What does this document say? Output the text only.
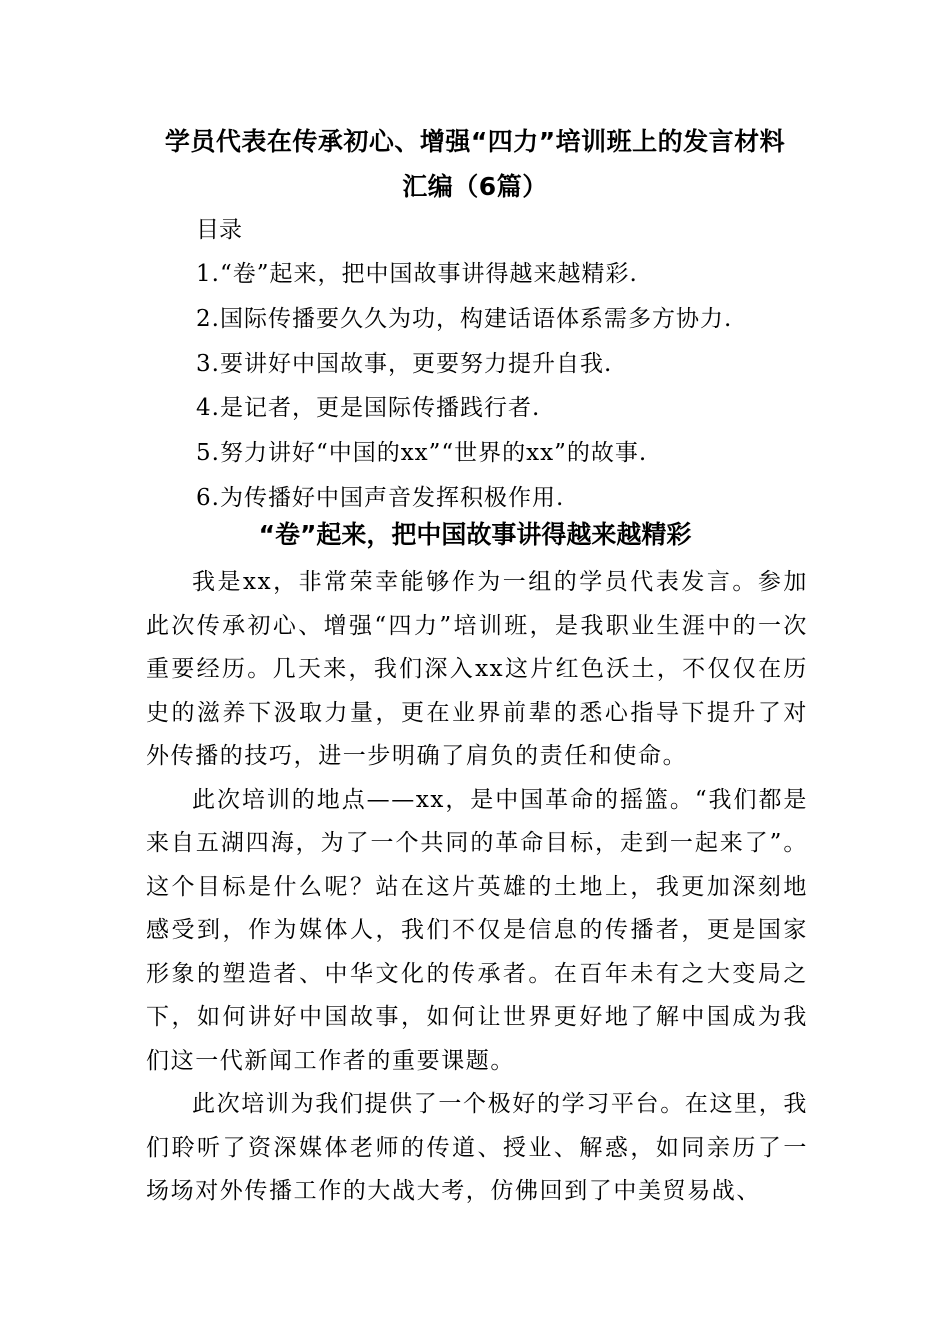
学员代表在传承初心、增强“四力”培训班上的发言材料
汇编（6篇）
目录
1.“卷”起来，把中国故事讲得越来越精彩.
2.国际传播要久久为功，构建话语体系需多方协力.
3.要讲好中国故事，更要努力提升自我.
4.是记者，更是国际传播践行者.
5.努力讲好“中国的xx”“世界的xx”的故事.
6.为传播好中国声音发挥积极作用.
“卷”起来，把中国故事讲得越来越精彩

我是xx，非常荣幸能够作为一组的学员代表发言。参加此次传承初心、增强“四力”培训班，是我职业生涯中的一次重要经历。几天来，我们深入xx这片红色沃土，不仅仅在历史的滋养下汲取力量，更在业界前辈的悉心指导下提升了对外传播的技巧，进一步明确了肩负的责任和使命。

此次培训的地点——xx，是中国革命的摇篮。“我们都是来自五湖四海，为了一个共同的革命目标，走到一起来了”。这个目标是什么呢？站在这片英雄的土地上，我更加深刻地感受到，作为媒体人，我们不仅是信息的传播者，更是国家形象的塑造者、中华文化的传承者。在百年未有之大变局之下，如何讲好中国故事，如何让世界更好地了解中国成为我们这一代新闻工作者的重要课题。

此次培训为我们提供了一个极好的学习平台。在这里，我们聆听了资深媒体老师的传道、授业、解惑，如同亲历了一场场对外传播工作的大战大考，仿佛回到了中美贸易战、
